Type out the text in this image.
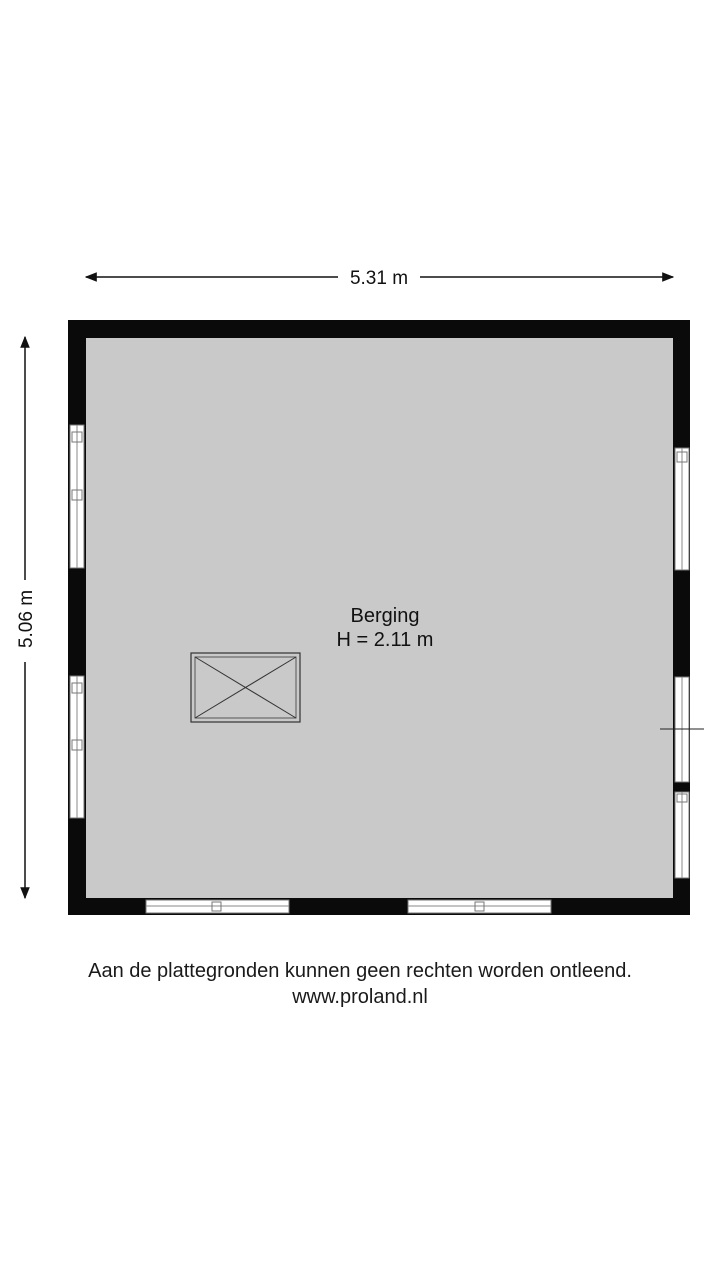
5.31 m
5.06 m	Berging
H = 2.11 m
Aan de plattegronden kunnen geen rechten worden ontleend.
www.proland.nl
